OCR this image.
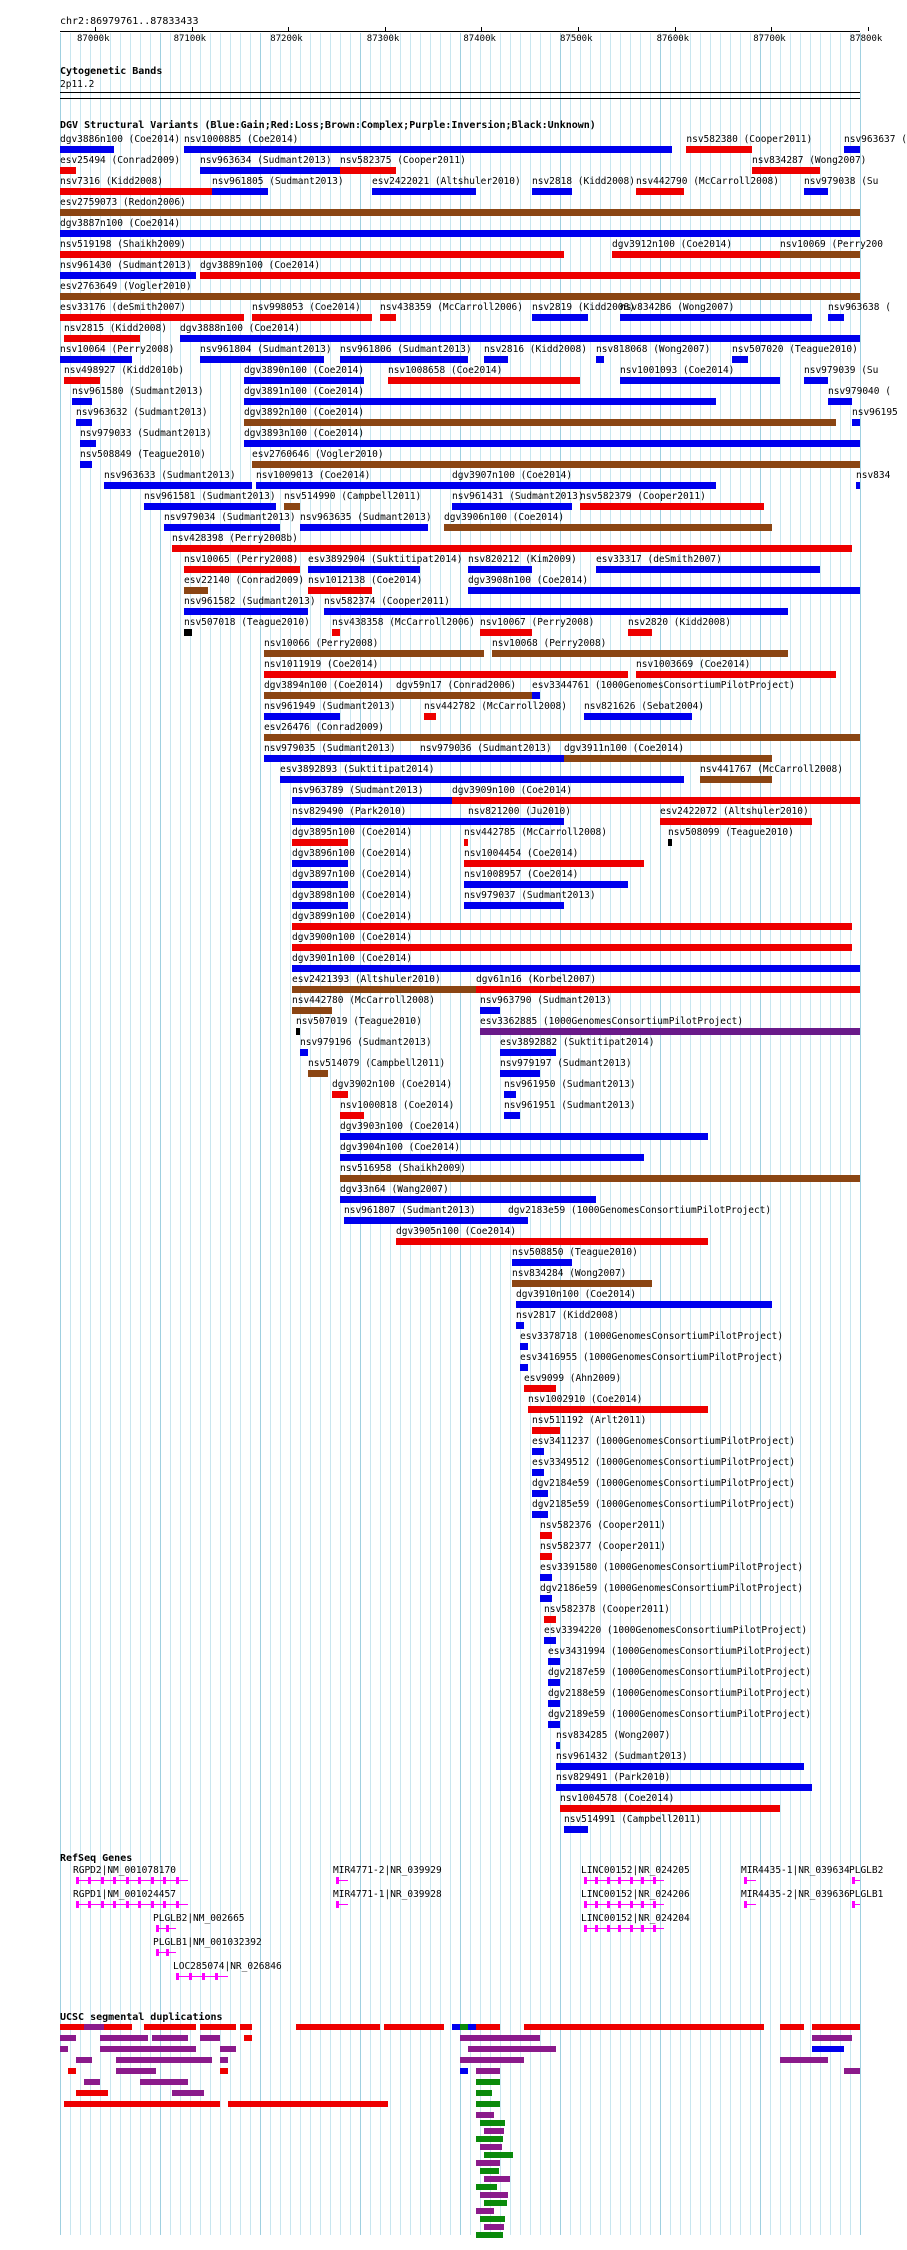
chr2:86979761..87833433
87000k	87100k	87200k	87300k	87400k	87500k	87600k	87700k	87800k
Cytogenetic Bands
2p11.2
DGV Structural Variants (Blue:Gain;Red:Loss;Brown:Complex;Purple:Inversion;Black:Unknown)
dgv3886n100 (Coe2014) nsv1000885 (Coe2014)	nsv582380 (Cooper2011)	nsv963637 (
esv25494 (Conrad2009) nsv963634 (Sudmant2013) nsv582375 (Cooper2011)	nsv834287 (Wong2007)
nsv7316 (Kidd2008)	nsv961805 (Sudmant2013)	esv2422021 (Altshuler2010) nsv2818 (Kidd2008) nsv442790 (McCarroll2008)	nsv979038 (Su
esv2759073 (Redon2006)
dgv3887n100 (Coe2014)
nsv519198 (Shaikh2009)	dgv3912n100 (Coe2014)	nsv10069 (Perry200
nsv961430 (Sudmant2013) dgv3889n100 (Coe2014)
esv2763649 (Vogler2010)
esv33176 (deSmith2007)	nsv998053 (Coe2014) nsv438359 (McCarroll2006) nsv2819 (Kidd2008)
nsv834286 (Wong2007)	nsv963638 (
nsv2815 (Kidd2008) dgv3888n100 (Coe2014)
nsv10064 (Perry2008)	nsv961804 (Sudmant2013) nsv961806 (Sudmant2013) nsv2816 (Kidd2008) nsv818068 (Wong2007) nsv507020 (Teague2010)
nsv498927 (Kidd2010b)	dgv3890n100 (Coe2014)	nsv1008658 (Coe2014)	nsv1001093 (Coe2014)	nsv979039 (Su
nsv961580 (Sudmant2013)	dgv3891n100 (Coe2014)	nsv979040 (
nsv963632 (Sudmant2013)	dgv3892n100 (Coe2014)	nsv96195
nsv979033 (Sudmant2013)	dgv3893n100 (Coe2014)
nsv508849 (Teague2010)	esv2760646 (Vogler2010)
nsv963633 (Sudmant2013) nsv1009013 (Coe2014)	dgv3907n100 (Coe2014)	nsv834
nsv961581 (Sudmant2013) nsv514990 (Campbell2011)	nsv961431 (Sudmant2013)
nsv582379 (Cooper2011)
nsv979034 (Sudmant2013) nsv963635 (Sudmant2013) dgv3906n100 (Coe2014)
nsv428398 (Perry2008b)
nsv10065 (Perry2008) esv3892904 (Suktitipat2014) nsv820212 (Kim2009) esv33317 (deSmith2007)
esv22140 (Conrad2009) nsv1012138 (Coe2014)	dgv3908n100 (Coe2014)
nsv961582 (Sudmant2013) nsv582374 (Cooper2011)
nsv507018 (Teague2010) nsv438358 (McCarroll2006) nsv10067 (Perry2008)	nsv2820 (Kidd2008)
nsv10066 (Perry2008)	nsv10068 (Perry2008)
nsv1011919 (Coe2014)	nsv1003669 (Coe2014)
dgv3894n100 (Coe2014) dgv59n17 (Conrad2006) esv3344761 (1000GenomesConsortiumPilotProject)
nsv961949 (Sudmant2013)	nsv442782 (McCarroll2008) nsv821626 (Sebat2004)
esv26476 (Conrad2009)
nsv979035 (Sudmant2013)	nsv979036 (Sudmant2013) dgv3911n100 (Coe2014)
esv3892893 (Suktitipat2014)	nsv441767 (McCarroll2008)
nsv963789 (Sudmant2013)	dgv3909n100 (Coe2014)
nsv829490 (Park2010)	nsv821200 (Ju2010)	esv2422072 (Altshuler2010)
dgv3895n100 (Coe2014)	nsv442785 (McCarroll2008)	nsv508099 (Teague2010)
dgv3896n100 (Coe2014)	nsv1004454 (Coe2014)
dgv3897n100 (Coe2014)	nsv1008957 (Coe2014)
dgv3898n100 (Coe2014)	nsv979037 (Sudmant2013)
dgv3899n100 (Coe2014)
dgv3900n100 (Coe2014)
dgv3901n100 (Coe2014)
esv2421393 (Altshuler2010)	dgv61n16 (Korbel2007)
nsv442780 (McCarroll2008)	nsv963790 (Sudmant2013)
nsv507019 (Teague2010)	esv3362885 (1000GenomesConsortiumPilotProject)
nsv979196 (Sudmant2013)	esv3892882 (Suktitipat2014)
nsv514079 (Campbell2011)	nsv979197 (Sudmant2013)
dgv3902n100 (Coe2014)	nsv961950 (Sudmant2013)
nsv1000818 (Coe2014)	nsv961951 (Sudmant2013)
dgv3903n100 (Coe2014)
dgv3904n100 (Coe2014)
nsv516958 (Shaikh2009)
dgv33n64 (Wang2007)
nsv961807 (Sudmant2013)	dgv2183e59 (1000GenomesConsortiumPilotProject)
dgv3905n100 (Coe2014)
nsv508850 (Teague2010)
nsv834284 (Wong2007)
dgv3910n100 (Coe2014)
nsv2817 (Kidd2008)
esv3378718 (1000GenomesConsortiumPilotProject)
esv3416955 (1000GenomesConsortiumPilotProject)
esv9099 (Ahn2009)
nsv1002910 (Coe2014)
nsv511192 (Arlt2011)
esv3411237 (1000GenomesConsortiumPilotProject)
esv3349512 (1000GenomesConsortiumPilotProject)
dgv2184e59 (1000GenomesConsortiumPilotProject)
dgv2185e59 (1000GenomesConsortiumPilotProject)
nsv582376 (Cooper2011)
nsv582377 (Cooper2011)
esv3391580 (1000GenomesConsortiumPilotProject)
dgv2186e59 (1000GenomesConsortiumPilotProject)
nsv582378 (Cooper2011)
esv3394220 (1000GenomesConsortiumPilotProject)
esv3431994 (1000GenomesConsortiumPilotProject)
dgv2187e59 (1000GenomesConsortiumPilotProject)
dgv2188e59 (1000GenomesConsortiumPilotProject)
dgv2189e59 (1000GenomesConsortiumPilotProject)
nsv834285 (Wong2007)
nsv961432 (Sudmant2013)
nsv829491 (Park2010)
nsv1004578 (Coe2014)
nsv514991 (Campbell2011)
RefSeq Genes
RGPD2|NM_001078170	MIR4771-2|NR_039929	LINC00152|NR_024205	MIR4435-1|NR_039634 PLGLB2
RGPD1|NM_001024457	MIR4771-1|NR_039928	LINC00152|NR_024206	MIR4435-2|NR_039636 PLGLB1
PLGLB2|NM_002665	LINC00152|NR_024204
PLGLB1|NM_001032392
LOC285074|NR_026846
UCSC segmental duplications
